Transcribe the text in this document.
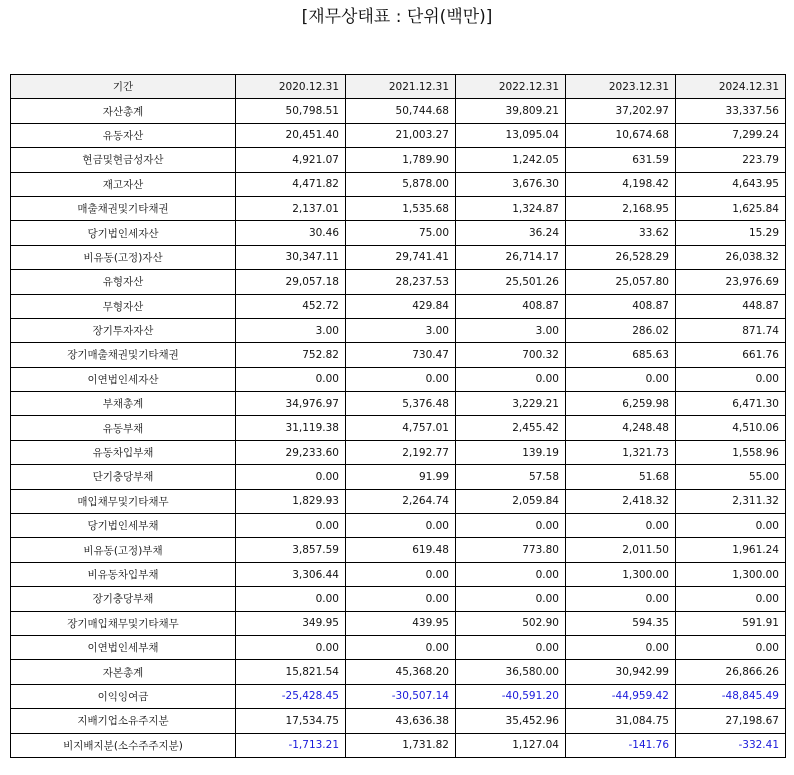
[재무상태표 : 단위(백만)]
기간	2020.12.31	2021.12.31	2022.12.31	2023.12.31	2024.12.31
자산총계	50,798.51	50,744.68	39,809.21	37,202.97	33,337.56
유동자산	20,451.40	21,003.27	13,095.04	10,674.68	7,299.24
현금및현금성자산	4,921.07	1,789.90	1,242.05	631.59	223.79
재고자산	4,471.82	5,878.00	3,676.30	4,198.42	4,643.95
매출채권및기타채권	2,137.01	1,535.68	1,324.87	2,168.95	1,625.84
당기법인세자산	30.46	75.00	36.24	33.62	15.29
비유동(고정)자산	30,347.11	29,741.41	26,714.17	26,528.29	26,038.32
유형자산	29,057.18	28,237.53	25,501.26	25,057.80	23,976.69
무형자산	452.72	429.84	408.87	408.87	448.87
장기투자자산	3.00	3.00	3.00	286.02	871.74
장기매출채권및기타채권	752.82	730.47	700.32	685.63	661.76
이연법인세자산	0.00	0.00	0.00	0.00	0.00
부채총계	34,976.97	5,376.48	3,229.21	6,259.98	6,471.30
유동부채	31,119.38	4,757.01	2,455.42	4,248.48	4,510.06
유동차입부채	29,233.60	2,192.77	139.19	1,321.73	1,558.96
단기충당부채	0.00	91.99	57.58	51.68	55.00
매입채무및기타채무	1,829.93	2,264.74	2,059.84	2,418.32	2,311.32
당기법인세부채	0.00	0.00	0.00	0.00	0.00
비유동(고정)부채	3,857.59	619.48	773.80	2,011.50	1,961.24
비유동차입부채	3,306.44	0.00	0.00	1,300.00	1,300.00
장기충당부채	0.00	0.00	0.00	0.00	0.00
장기매입채무및기타채무	349.95	439.95	502.90	594.35	591.91
이연법인세부채	0.00	0.00	0.00	0.00	0.00
자본총계	15,821.54	45,368.20	36,580.00	30,942.99	26,866.26
이익잉여금	-25,428.45	-30,507.14	-40,591.20	-44,959.42	-48,845.49
지배기업소유주지분	17,534.75	43,636.38	35,452.96	31,084.75	27,198.67
비지배지분(소수주주지분)	-1,713.21	1,731.82	1,127.04	-141.76	-332.41
